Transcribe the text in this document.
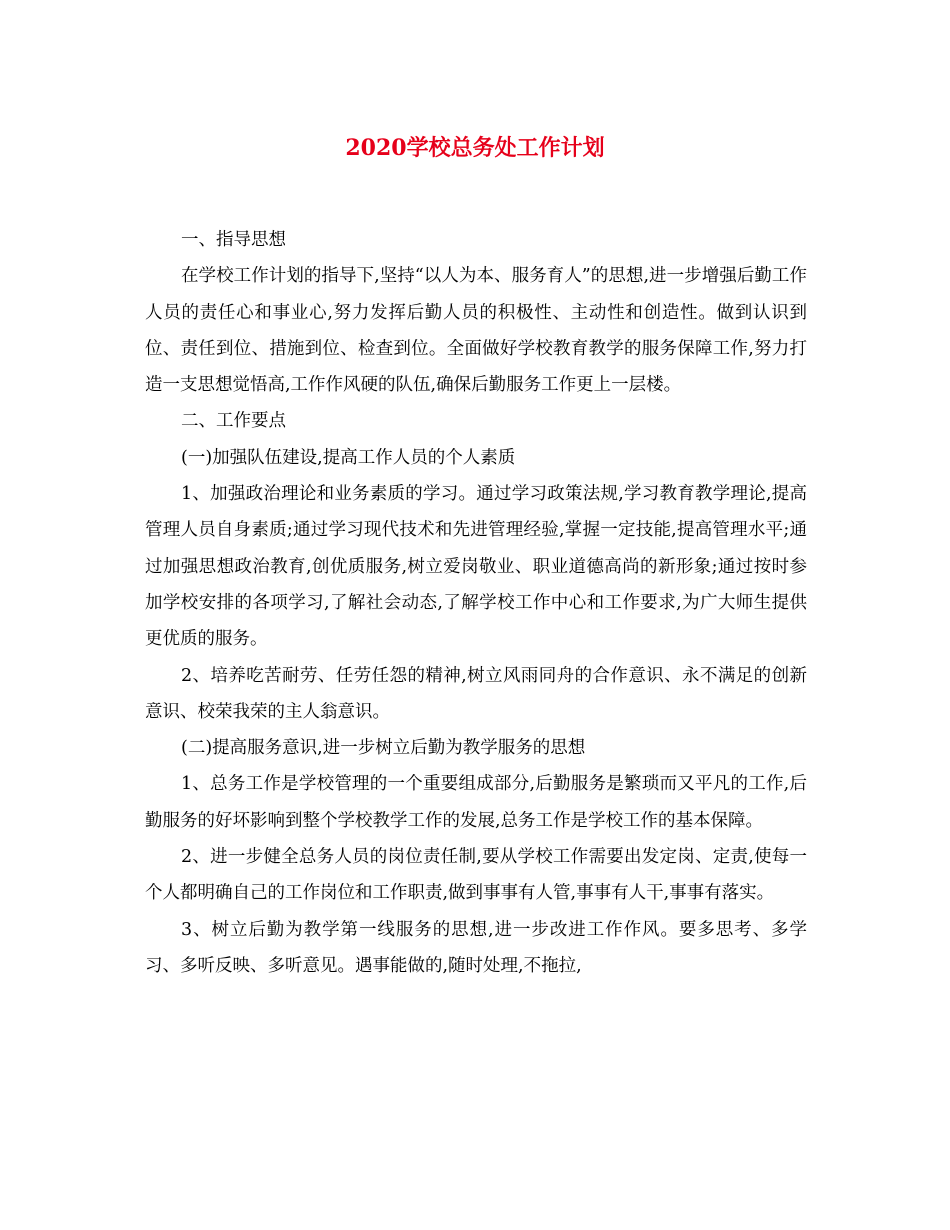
2020学校总务处工作计划

一、指导思想

在学校工作计划的指导下,坚持“以人为本、服务育人”的思想,进一步增强后勤工作人员的责任心和事业心,努力发挥后勤人员的积极性、主动性和创造性。做到认识到位、责任到位、措施到位、检查到位。全面做好学校教育教学的服务保障工作,努力打造一支思想觉悟高,工作作风硬的队伍,确保后勤服务工作更上一层楼。

二、工作要点

(一)加强队伍建设,提高工作人员的个人素质

1、加强政治理论和业务素质的学习。通过学习政策法规,学习教育教学理论,提高管理人员自身素质;通过学习现代技术和先进管理经验,掌握一定技能,提高管理水平;通过加强思想政治教育,创优质服务,树立爱岗敬业、职业道德高尚的新形象;通过按时参加学校安排的各项学习,了解社会动态,了解学校工作中心和工作要求,为广大师生提供更优质的服务。

2、培养吃苦耐劳、任劳任怨的精神,树立风雨同舟的合作意识、永不满足的创新意识、校荣我荣的主人翁意识。

(二)提高服务意识,进一步树立后勤为教学服务的思想

1、总务工作是学校管理的一个重要组成部分,后勤服务是繁琐而又平凡的工作,后勤服务的好坏影响到整个学校教学工作的发展,总务工作是学校工作的基本保障。

2、进一步健全总务人员的岗位责任制,要从学校工作需要出发定岗、定责,使每一个人都明确自己的工作岗位和工作职责,做到事事有人管,事事有人干,事事有落实。

3、树立后勤为教学第一线服务的思想,进一步改进工作作风。要多思考、多学习、多听反映、多听意见。遇事能做的,随时处理,不拖拉,
